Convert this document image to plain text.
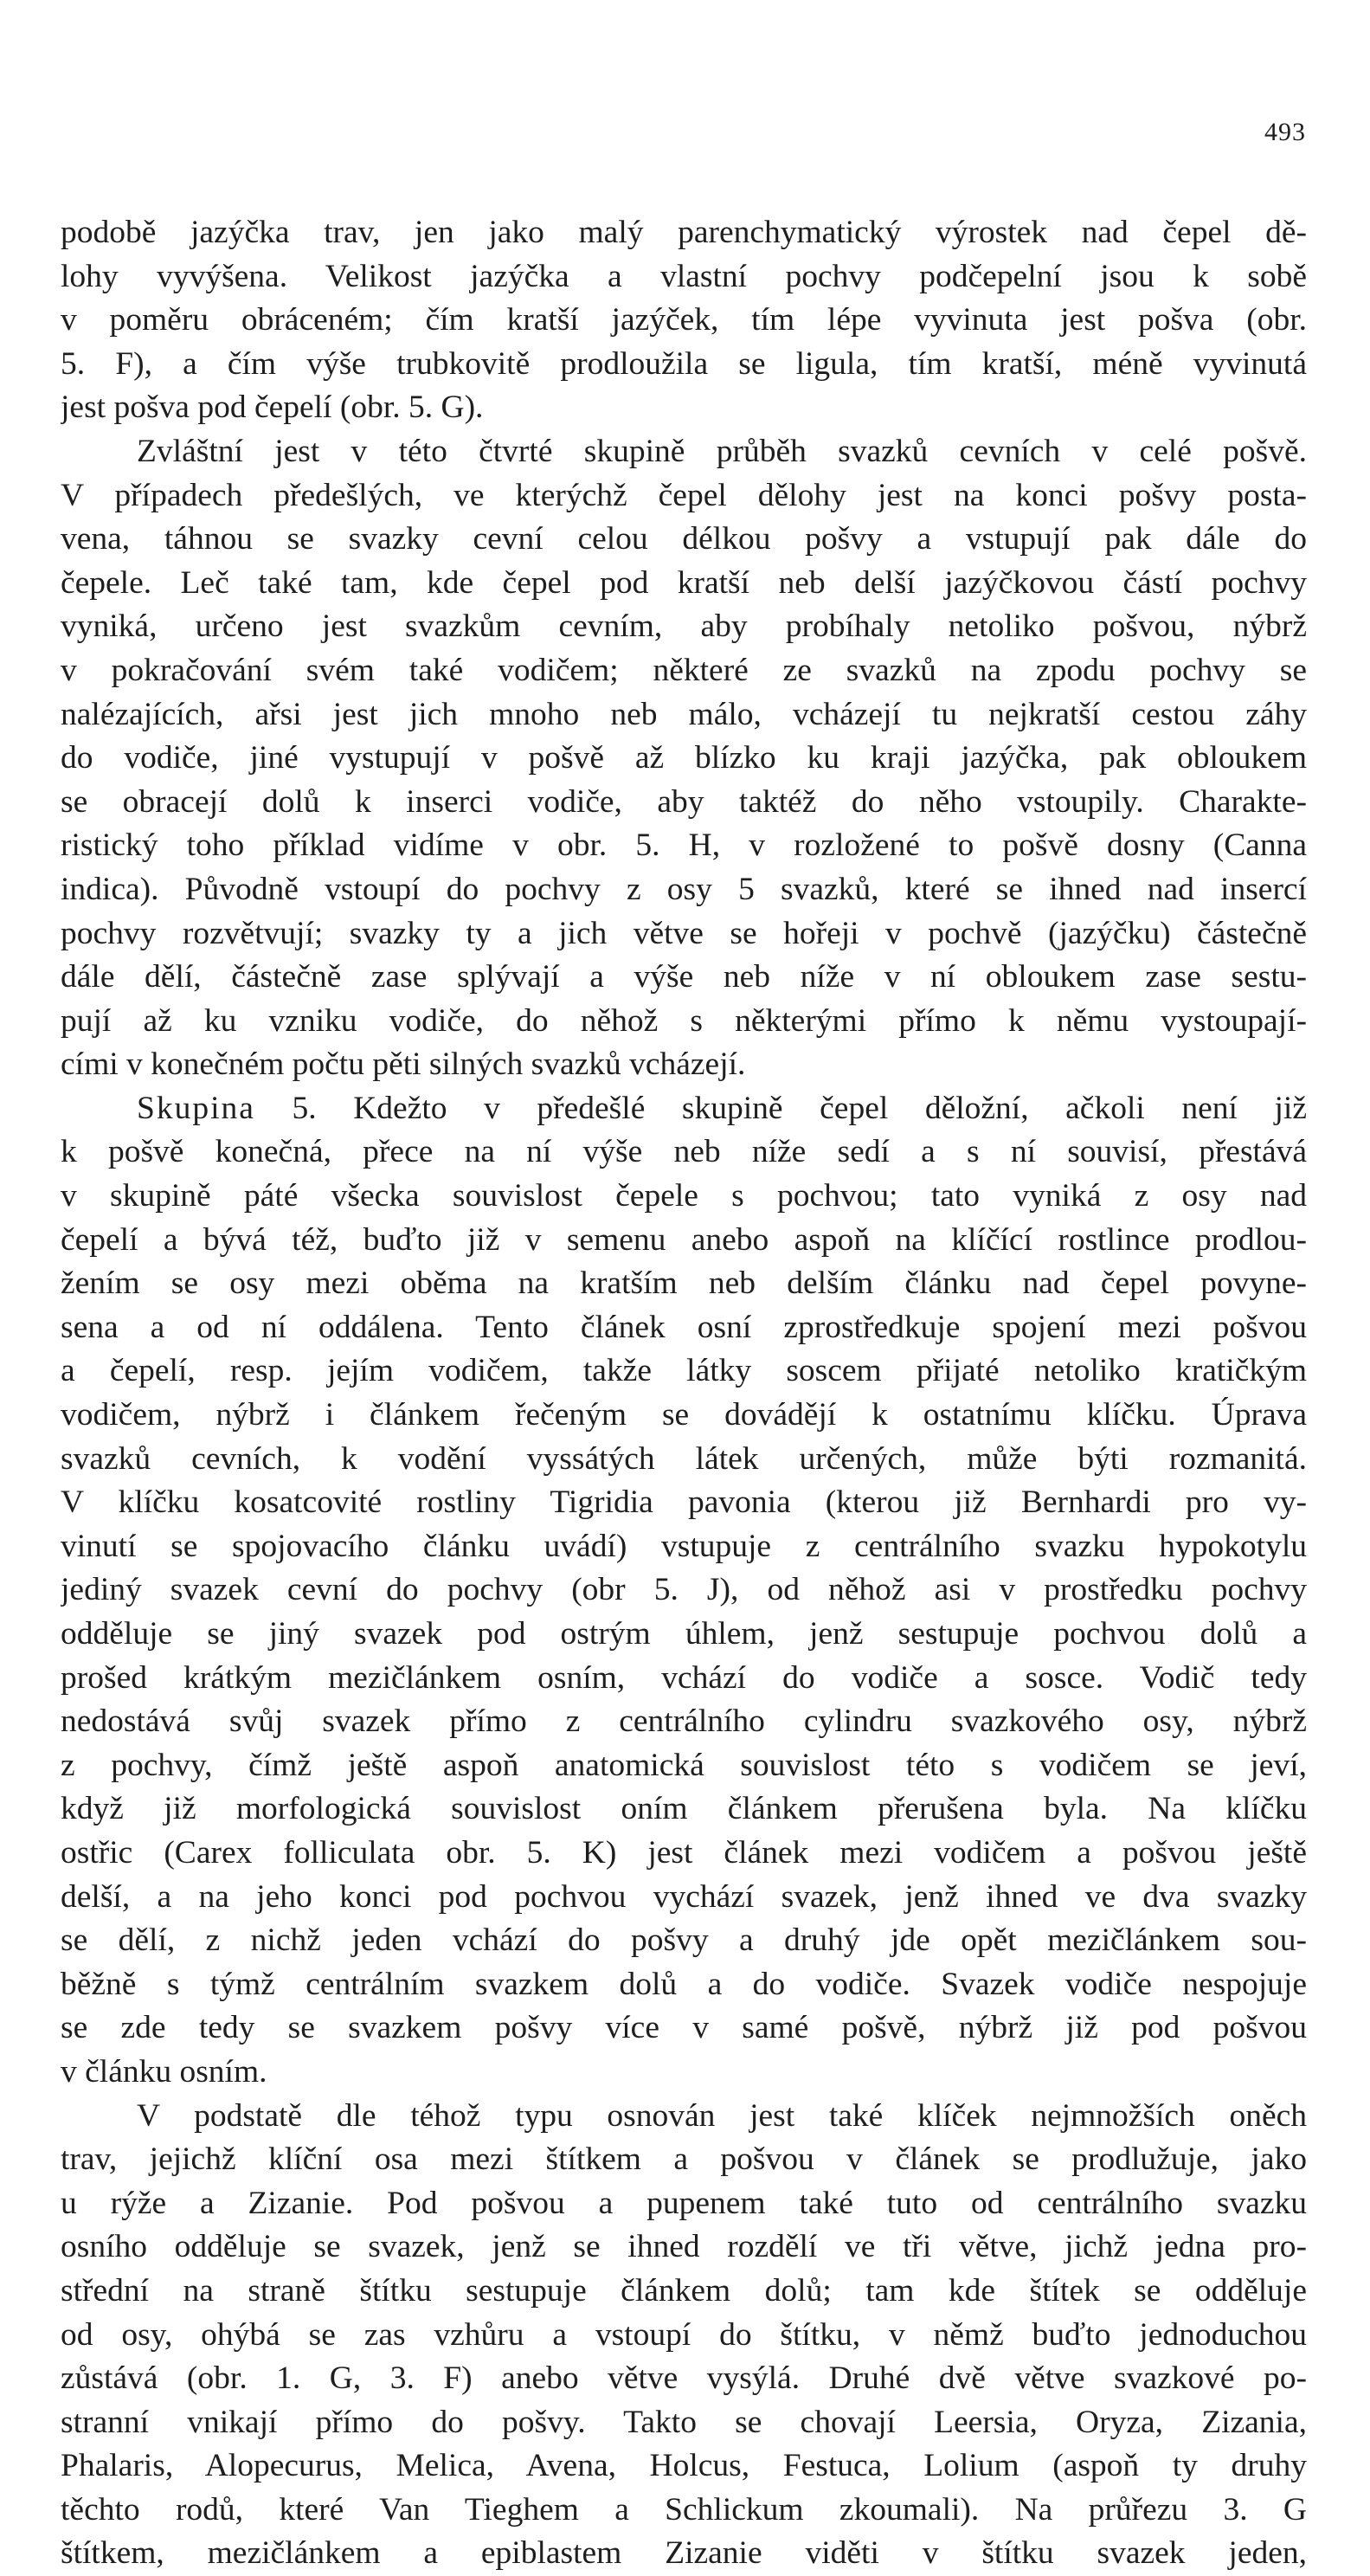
493
podobě jazýčka trav, jen jako malý parenchymatický výrostek nad čepel dě-
lohy vyvýšena. Velikost jazýčka a vlastní pochvy podčepelní jsou k sobě
v poměru obráceném; čím kratší jazýček, tím lépe vyvinuta jest pošva (obr.
5. F), a čím výše trubkovitě prodloužila se ligula, tím kratší, méně vyvinutá
jest pošva pod čepelí (obr. 5. G).
Zvláštní jest v této čtvrté skupině průběh svazků cevních v celé pošvě.
V případech předešlých, ve kterýchž čepel dělohy jest na konci pošvy posta-
vena, táhnou se svazky cevní celou délkou pošvy a vstupují pak dále do
čepele. Leč také tam, kde čepel pod kratší neb delší jazýčkovou částí pochvy
vyniká, určeno jest svazkům cevním, aby probíhaly netoliko pošvou, nýbrž
v pokračování svém také vodičem; některé ze svazků na zpodu pochvy se
nalézajících, ařsi jest jich mnoho neb málo, vcházejí tu nejkratší cestou záhy
do vodiče, jiné vystupují v pošvě až blízko ku kraji jazýčka, pak obloukem
se obracejí dolů k inserci vodiče, aby taktéž do něho vstoupily. Charakte-
ristický toho příklad vidíme v obr. 5. H, v rozložené to pošvě dosny (Canna
indica). Původně vstoupí do pochvy z osy 5 svazků, které se ihned nad insercí
pochvy rozvětvují; svazky ty a jich větve se hořeji v pochvě (jazýčku) částečně
dále dělí, částečně zase splývají a výše neb níže v ní obloukem zase sestu-
pují až ku vzniku vodiče, do něhož s některými přímo k němu vystoupají-
cími v konečném počtu pěti silných svazků vcházejí.
Skupina 5. Kdežto v předešlé skupině čepel děložní, ačkoli není již
k pošvě konečná, přece na ní výše neb níže sedí a s ní souvisí, přestává
v skupině páté všecka souvislost čepele s pochvou; tato vyniká z osy nad
čepelí a bývá též, buďto již v semenu anebo aspoň na klíčící rostlince prodlou-
žením se osy mezi oběma na kratším neb delším článku nad čepel povyne-
sena a od ní oddálena. Tento článek osní zprostředkuje spojení mezi pošvou
a čepelí, resp. jejím vodičem, takže látky soscem přijaté netoliko kratičkým
vodičem, nýbrž i článkem řečeným se dovádějí k ostatnímu klíčku. Úprava
svazků cevních, k vodění vyssátých látek určených, může býti rozmanitá.
V klíčku kosatcovité rostliny Tigridia pavonia (kterou již Bernhardi pro vy-
vinutí se spojovacího článku uvádí) vstupuje z centrálního svazku hypokotylu
jediný svazek cevní do pochvy (obr 5. J), od něhož asi v prostředku pochvy
odděluje se jiný svazek pod ostrým úhlem, jenž sestupuje pochvou dolů a
prošed krátkým mezičlánkem osním, vchází do vodiče a sosce. Vodič tedy
nedostává svůj svazek přímo z centrálního cylindru svazkového osy, nýbrž
z pochvy, čímž ještě aspoň anatomická souvislost této s vodičem se jeví,
když již morfologická souvislost oním článkem přerušena byla. Na klíčku
ostřic (Carex folliculata obr. 5. K) jest článek mezi vodičem a pošvou ještě
delší, a na jeho konci pod pochvou vychází svazek, jenž ihned ve dva svazky
se dělí, z nichž jeden vchází do pošvy a druhý jde opět mezičlánkem sou-
běžně s týmž centrálním svazkem dolů a do vodiče. Svazek vodiče nespojuje
se zde tedy se svazkem pošvy více v samé pošvě, nýbrž již pod pošvou
v článku osním.
V podstatě dle téhož typu osnován jest také klíček nejmnožších oněch
trav, jejichž klíční osa mezi štítkem a pošvou v článek se prodlužuje, jako
u rýže a Zizanie. Pod pošvou a pupenem také tuto od centrálního svazku
osního odděluje se svazek, jenž se ihned rozdělí ve tři větve, jichž jedna pro-
střední na straně štítku sestupuje článkem dolů; tam kde štítek se odděluje
od osy, ohýbá se zas vzhůru a vstoupí do štítku, v němž buďto jednoduchou
zůstává (obr. 1. G, 3. F) anebo větve vysýlá. Druhé dvě větve svazkové po-
stranní vnikají přímo do pošvy. Takto se chovají Leersia, Oryza, Zizania,
Phalaris, Alopecurus, Melica, Avena, Holcus, Festuca, Lolium (aspoň ty druhy
těchto rodů, které Van Tieghem a Schlickum zkoumali). Na průřezu 3. G
štítkem, mezičlánkem a epiblastem Zizanie viděti v štítku svazek jeden,
